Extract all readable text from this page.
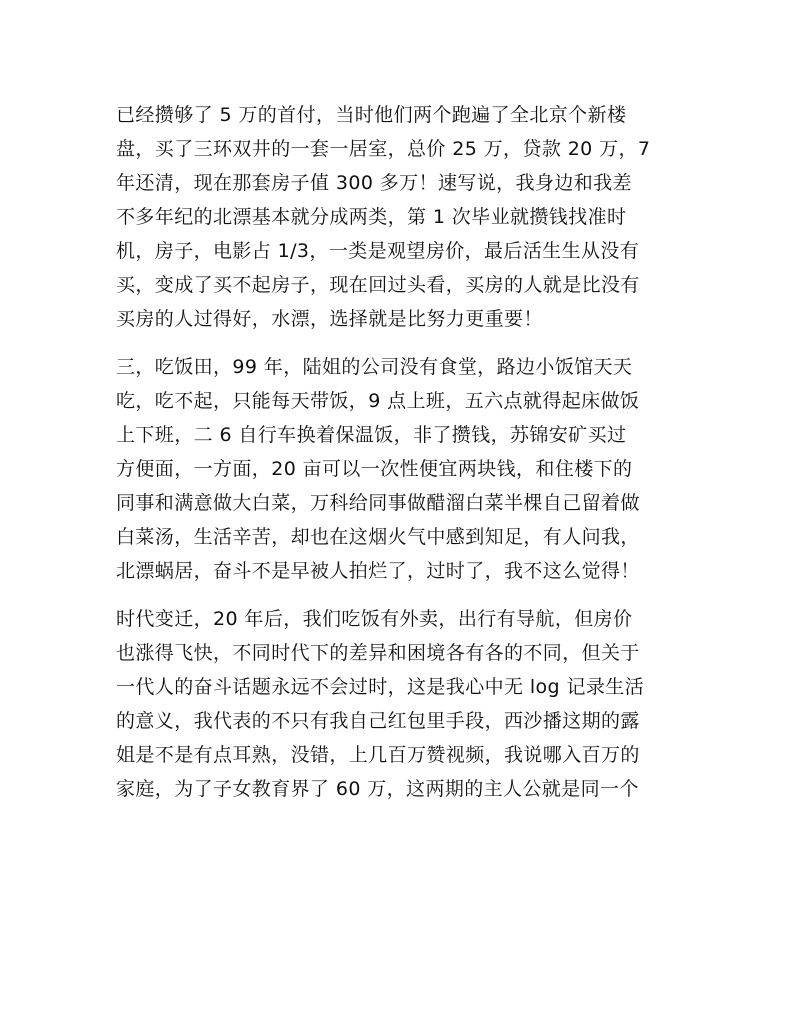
已经攒够了 5 万的首付，当时他们两个跑遍了全北京个新楼
盘，买了三环双井的一套一居室，总价 25 万，贷款 20 万，7
年还清，现在那套房子值 300 多万！速写说，我身边和我差
不多年纪的北漂基本就分成两类，第 1 次毕业就攒钱找准时
机，房子，电影占 1/3，一类是观望房价，最后活生生从没有
买，变成了买不起房子，现在回过头看，买房的人就是比没有
买房的人过得好，水漂，选择就是比努力更重要！

三，吃饭田，99 年，陆姐的公司没有食堂，路边小饭馆天天
吃，吃不起，只能每天带饭，9 点上班，五六点就得起床做饭
上下班，二 6 自行车换着保温饭，非了攒钱，苏锦安矿买过
方便面，一方面，20 亩可以一次性便宜两块钱，和住楼下的
同事和满意做大白菜，万科给同事做醋溜白菜半棵自己留着做
白菜汤，生活辛苦，却也在这烟火气中感到知足，有人问我，
北漂蜗居，奋斗不是早被人拍烂了，过时了，我不这么觉得！

时代变迁，20 年后，我们吃饭有外卖，出行有导航，但房价
也涨得飞快，不同时代下的差异和困境各有各的不同，但关于
一代人的奋斗话题永远不会过时，这是我心中无 log 记录生活
的意义，我代表的不只有我自己红包里手段，西沙播这期的露
姐是不是有点耳熟，没错，上几百万赞视频，我说哪入百万的
家庭，为了子女教育界了 60 万，这两期的主人公就是同一个
